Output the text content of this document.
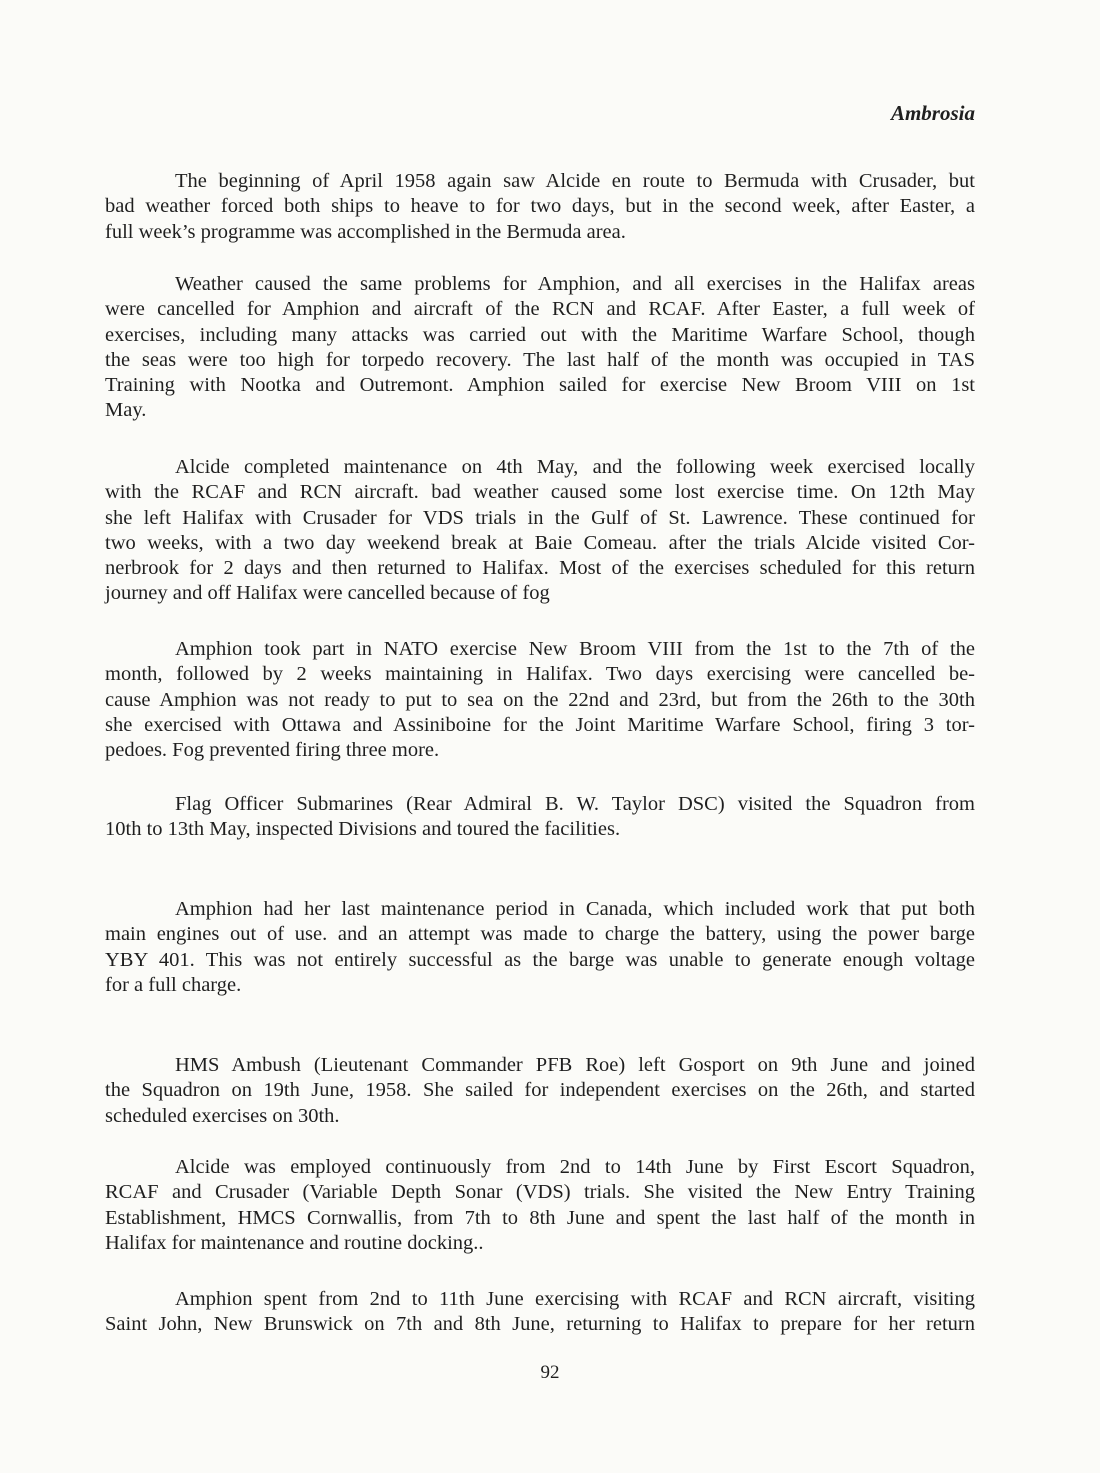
Ambrosia
The beginning of April 1958 again saw Alcide en route to Bermuda with Crusader, but
bad weather forced both ships to heave to for two days, but in the second week, after Easter, a
full week’s programme was accomplished in the Bermuda area.
Weather caused the same problems for Amphion, and all exercises in the Halifax areas
were cancelled for Amphion and aircraft of the RCN and RCAF. After Easter, a full week of
exercises, including many attacks was carried out with the Maritime Warfare School, though
the seas were too high for torpedo recovery. The last half of the month was occupied in TAS
Training with Nootka and Outremont. Amphion sailed for exercise New Broom VIII on 1st
May.
Alcide completed maintenance on 4th May, and the following week exercised locally
with the RCAF and RCN aircraft. bad weather caused some lost exercise time. On 12th May
she left Halifax with Crusader for VDS trials in the Gulf of St. Lawrence. These continued for
two weeks, with a two day weekend break at Baie Comeau. after the trials Alcide visited Cor-
nerbrook for 2 days and then returned to Halifax. Most of the exercises scheduled for this return
journey and off Halifax were cancelled because of fog
Amphion took part in NATO exercise New Broom VIII from the 1st to the 7th of the
month, followed by 2 weeks maintaining in Halifax. Two days exercising were cancelled be-
cause Amphion was not ready to put to sea on the 22nd and 23rd, but from the 26th to the 30th
she exercised with Ottawa and Assiniboine for the Joint Maritime Warfare School, firing 3 tor-
pedoes. Fog prevented firing three more.
Flag Officer Submarines (Rear Admiral B. W. Taylor DSC) visited the Squadron from
10th to 13th May, inspected Divisions and toured the facilities.
Amphion had her last maintenance period in Canada, which included work that put both
main engines out of use. and an attempt was made to charge the battery, using the power barge
YBY 401. This was not entirely successful as the barge was unable to generate enough voltage
for a full charge.
HMS Ambush (Lieutenant Commander PFB Roe) left Gosport on 9th June and joined
the Squadron on 19th June, 1958. She sailed for independent exercises on the 26th, and started
scheduled exercises on 30th.
Alcide was employed continuously from 2nd to 14th June by First Escort Squadron,
RCAF and Crusader (Variable Depth Sonar (VDS) trials. She visited the New Entry Training
Establishment, HMCS Cornwallis, from 7th to 8th June and spent the last half of the month in
Halifax for maintenance and routine docking..
Amphion spent from 2nd to 11th June exercising with RCAF and RCN aircraft, visiting
Saint John, New Brunswick on 7th and 8th June, returning to Halifax to prepare for her return
92
